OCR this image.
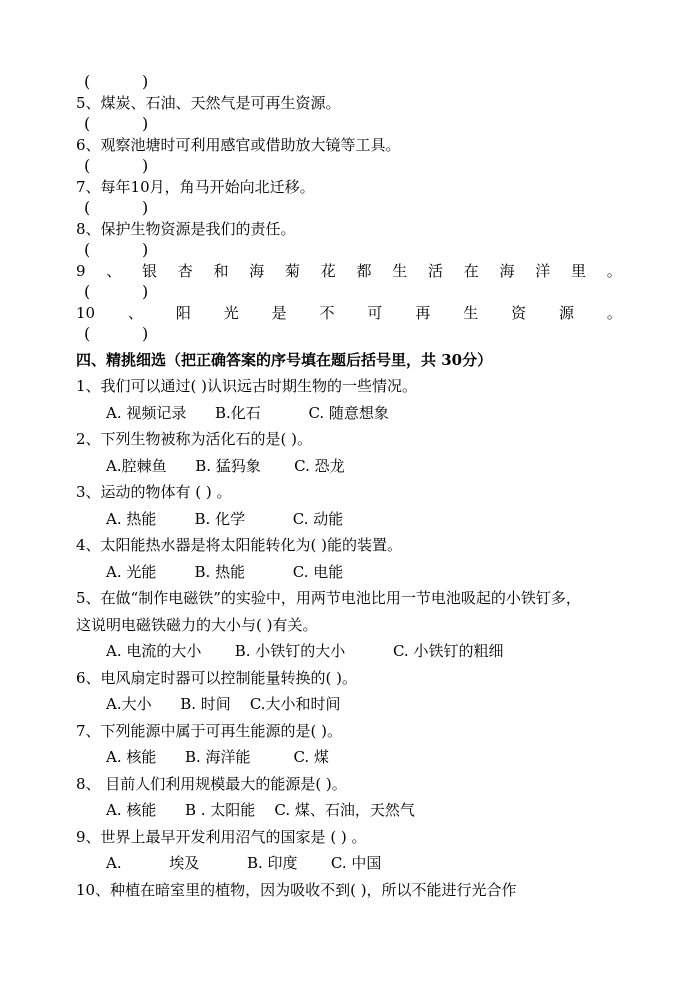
(	)
5、煤炭、石油、天然气是可再生资源。
(	)
6、观察池塘时可利用感官或借助放大镜等工具。
(	)
7、每年10月，角马开始向北迁移。
(	)
8、保护生物资源是我们的责任。
(	)
9 、 银 杏 和 海 菊 花 都 生 活 在 海 洋 里 。
(	)
10 、 阳 光 是 不 可 再 生 资 源 。
(	)
四、精挑细选（把正确答案的序号填在题后括号里，共 30分）
1、我们可以通过( )认识远古时期生物的一些情况。
A. 视频记录      B.化石          C. 随意想象
2、下列生物被称为活化石的是( )。
A.腔棘鱼      B. 猛犸象       C. 恐龙
3、运动的物体有 ( ) 。
A. 热能        B. 化学          C. 动能
4、太阳能热水器是将太阳能转化为( )能的装置。
A. 光能        B. 热能          C. 电能
5、在做“制作电磁铁”的实验中，用两节电池比用一节电池吸起的小铁钉多，
这说明电磁铁磁力的大小与( )有关。
A. 电流的大小       B. 小铁钉的大小          C. 小铁钉的粗细
6、电风扇定时器可以控制能量转换的( )。
A.大小      B. 时间    C.大小和时间
7、下列能源中属于可再生能源的是( )。
A. 核能      B. 海洋能         C. 煤
8、 目前人们利用规模最大的能源是( )。
A. 核能      B . 太阳能    C. 煤、石油，天然气
9、世界上最早开发利用沼气的国家是 ( ) 。
A.          埃及          B. 印度       C. 中国
10、种植在暗室里的植物，因为吸收不到( )，所以不能进行光合作
